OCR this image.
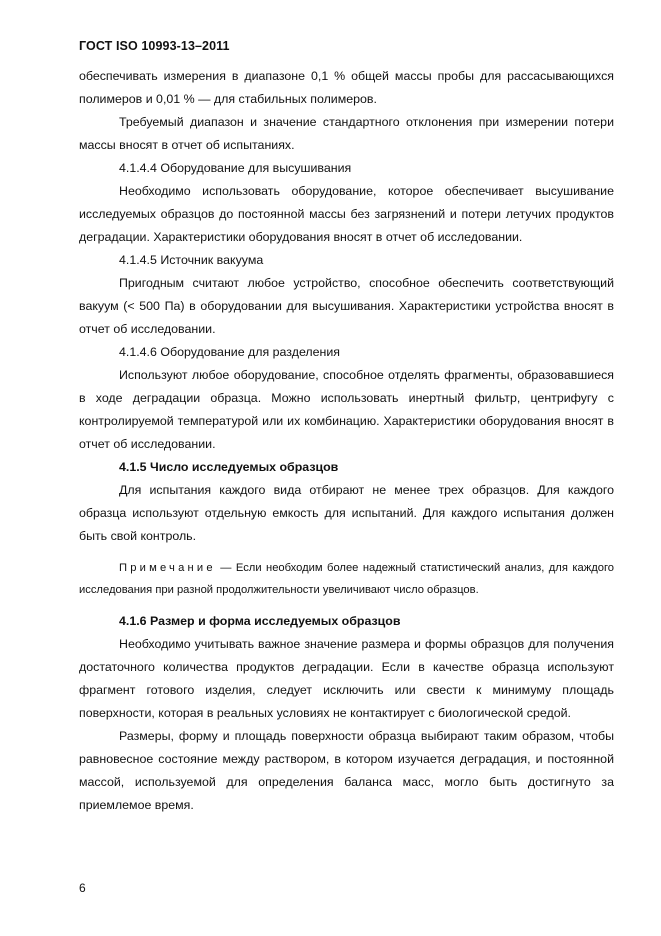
ГОСТ ISO 10993-13–2011

обеспечивать измерения в диапазоне 0,1 % общей массы пробы для рассасывающихся полимеров и 0,01 % — для стабильных полимеров.

Требуемый диапазон и значение стандартного отклонения при измерении потери массы вносят в отчет об испытаниях.

4.1.4.4 Оборудование для высушивания

Необходимо использовать оборудование, которое обеспечивает высушивание исследуемых образцов до постоянной массы без загрязнений и потери летучих продуктов деградации. Характеристики оборудования вносят в отчет об исследовании.

4.1.4.5 Источник вакуума

Пригодным считают любое устройство, способное обеспечить соответствующий вакуум (< 500 Па) в оборудовании для высушивания. Характеристики устройства вносят в отчет об исследовании.

4.1.4.6 Оборудование для разделения

Используют любое оборудование, способное отделять фрагменты, образовавшиеся в ходе деградации образца. Можно использовать инертный фильтр, центрифугу с контролируемой температурой или их комбинацию. Характеристики оборудования вносят в отчет об исследовании.

4.1.5 Число исследуемых образцов

Для испытания каждого вида отбирают не менее трех образцов. Для каждого образца используют отдельную емкость для испытаний. Для каждого испытания должен быть свой контроль.

Примечание — Если необходим более надежный статистический анализ, для каждого исследования при разной продолжительности увеличивают число образцов.

4.1.6 Размер и форма исследуемых образцов

Необходимо учитывать важное значение размера и формы образцов для получения достаточного количества продуктов деградации. Если в качестве образца используют фрагмент готового изделия, следует исключить или свести к минимуму площадь поверхности, которая в реальных условиях не контактирует с биологической средой.

Размеры, форму и площадь поверхности образца выбирают таким образом, чтобы равновесное состояние между раствором, в котором изучается деградация, и постоянной массой, используемой для определения баланса масс, могло быть достигнуто за приемлемое время.

6
